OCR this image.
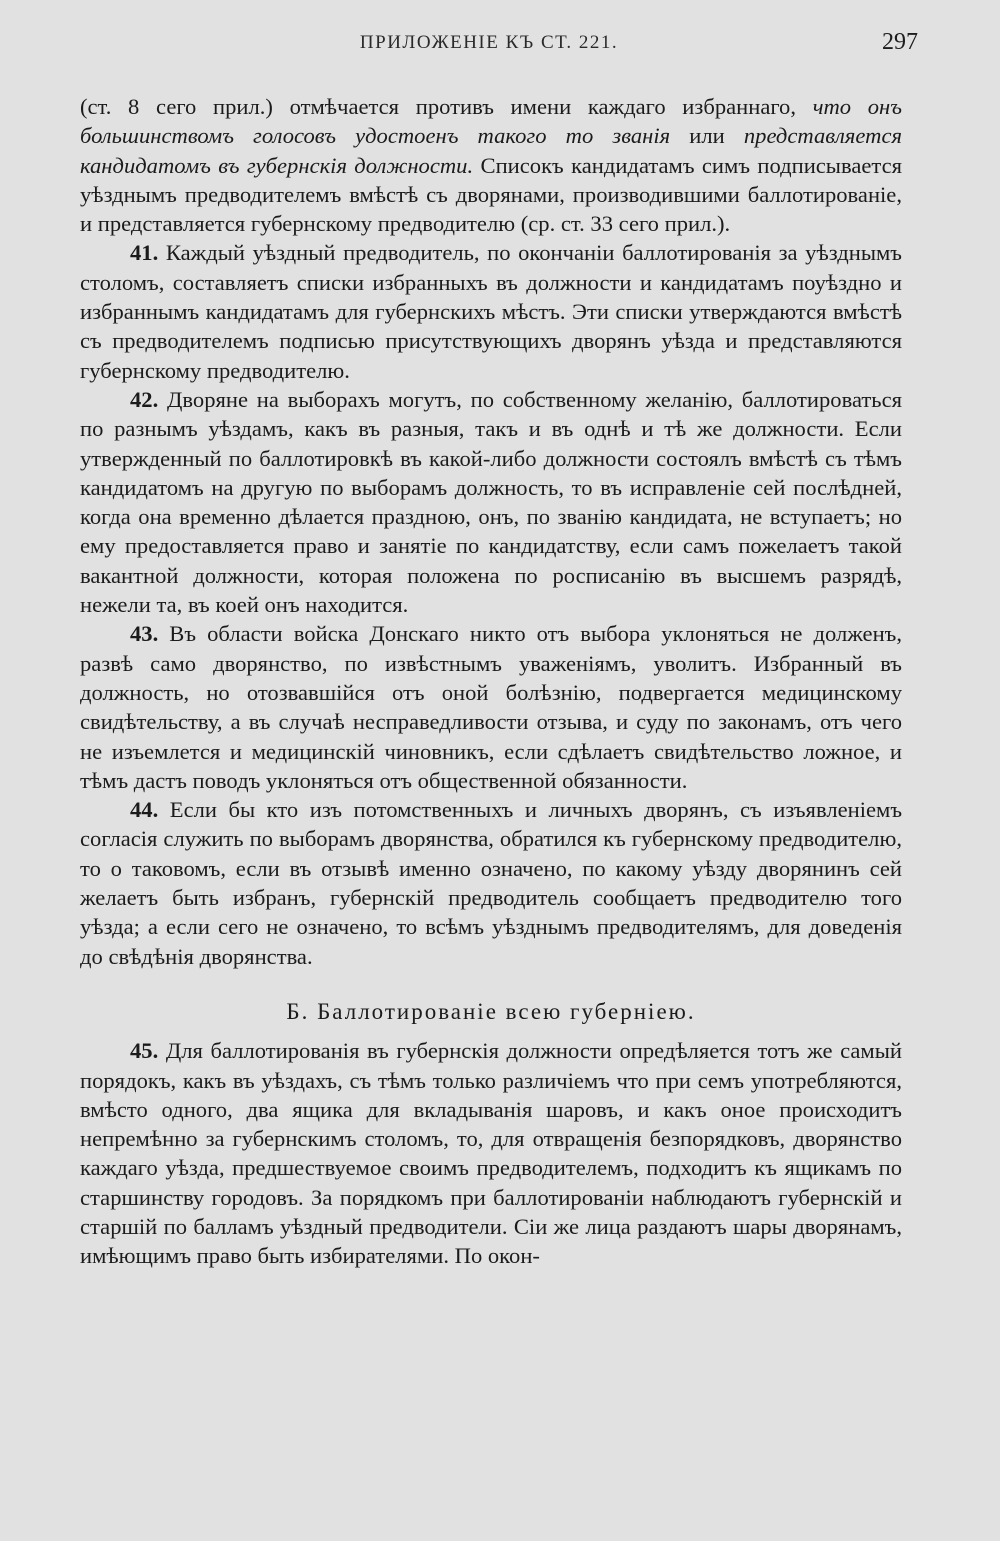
ПРИЛОЖЕНІЕ КЪ СТ. 221.	297

(ст. 8 сего прил.) отмѣчается противъ имени каждаго избраннаго, что онъ большинствомъ голосовъ удостоенъ такого то званія или представляется кандидатомъ въ губернскія должности. Списокъ кандидатамъ симъ подписывается уѣзднымъ предводителемъ вмѣстѣ съ дворянами, производившими баллотированіе, и представляется губернскому предводителю (ср. ст. 33 сего прил.).

41. Каждый уѣздный предводитель, по окончаніи баллотированія за уѣзднымъ столомъ, составляетъ списки избранныхъ въ должности и кандидатамъ поуѣздно и избраннымъ кандидатамъ для губернскихъ мѣстъ. Эти списки утверждаются вмѣстѣ съ предводителемъ подписью присутствующихъ дворянъ уѣзда и представляются губернскому предводителю.

42. Дворяне на выборахъ могутъ, по собственному желанію, баллотироваться по разнымъ уѣздамъ, какъ въ разныя, такъ и въ однѣ и тѣ же должности. Если утвержденный по баллотировкѣ въ какой-либо должности состоялъ вмѣстѣ съ тѣмъ кандидатомъ на другую по выборамъ должность, то въ исправленіе сей послѣдней, когда она временно дѣлается праздною, онъ, по званію кандидата, не вступаетъ; но ему предоставляется право и занятіе по кандидатству, если самъ пожелаетъ такой вакантной должности, которая положена по росписанію въ высшемъ разрядѣ, нежели та, въ коей онъ находится.

43. Въ области войска Донскаго никто отъ выбора уклоняться не долженъ, развѣ само дворянство, по извѣстнымъ уваженіямъ, уволитъ. Избранный въ должность, но отозвавшійся отъ оной болѣзнію, подвергается медицинскому свидѣтельству, а въ случаѣ несправедливости отзыва, и суду по законамъ, отъ чего не изъемлется и медицинскій чиновникъ, если сдѣлаетъ свидѣтельство ложное, и тѣмъ дастъ поводъ уклоняться отъ общественной обязанности.

44. Если бы кто изъ потомственныхъ и личныхъ дворянъ, съ изъявленіемъ согласія служить по выборамъ дворянства, обратился къ губернскому предводителю, то о таковомъ, если въ отзывѣ именно означено, по какому уѣзду дворянинъ сей желаетъ быть избранъ, губернскій предводитель сообщаетъ предводителю того уѣзда; а если сего не означено, то всѣмъ уѣзднымъ предводителямъ, для доведенія до свѣдѣнія дворянства.

Б. Баллотированіе всею губерніею.

45. Для баллотированія въ губернскія должности опредѣляется тотъ же самый порядокъ, какъ въ уѣздахъ, съ тѣмъ только различіемъ что при семъ употребляются, вмѣсто одного, два ящика для вкладыванія шаровъ, и какъ оное происходитъ непремѣнно за губернскимъ столомъ, то, для отвращенія безпорядковъ, дворянство каждаго уѣзда, предшествуемое своимъ предводителемъ, подходитъ къ ящикамъ по старшинству городовъ. За порядкомъ при баллотированіи наблюдаютъ губернскій и старшій по балламъ уѣздный предводители. Сіи же лица раздаютъ шары дворянамъ, имѣющимъ право быть избирателями. По окон-
